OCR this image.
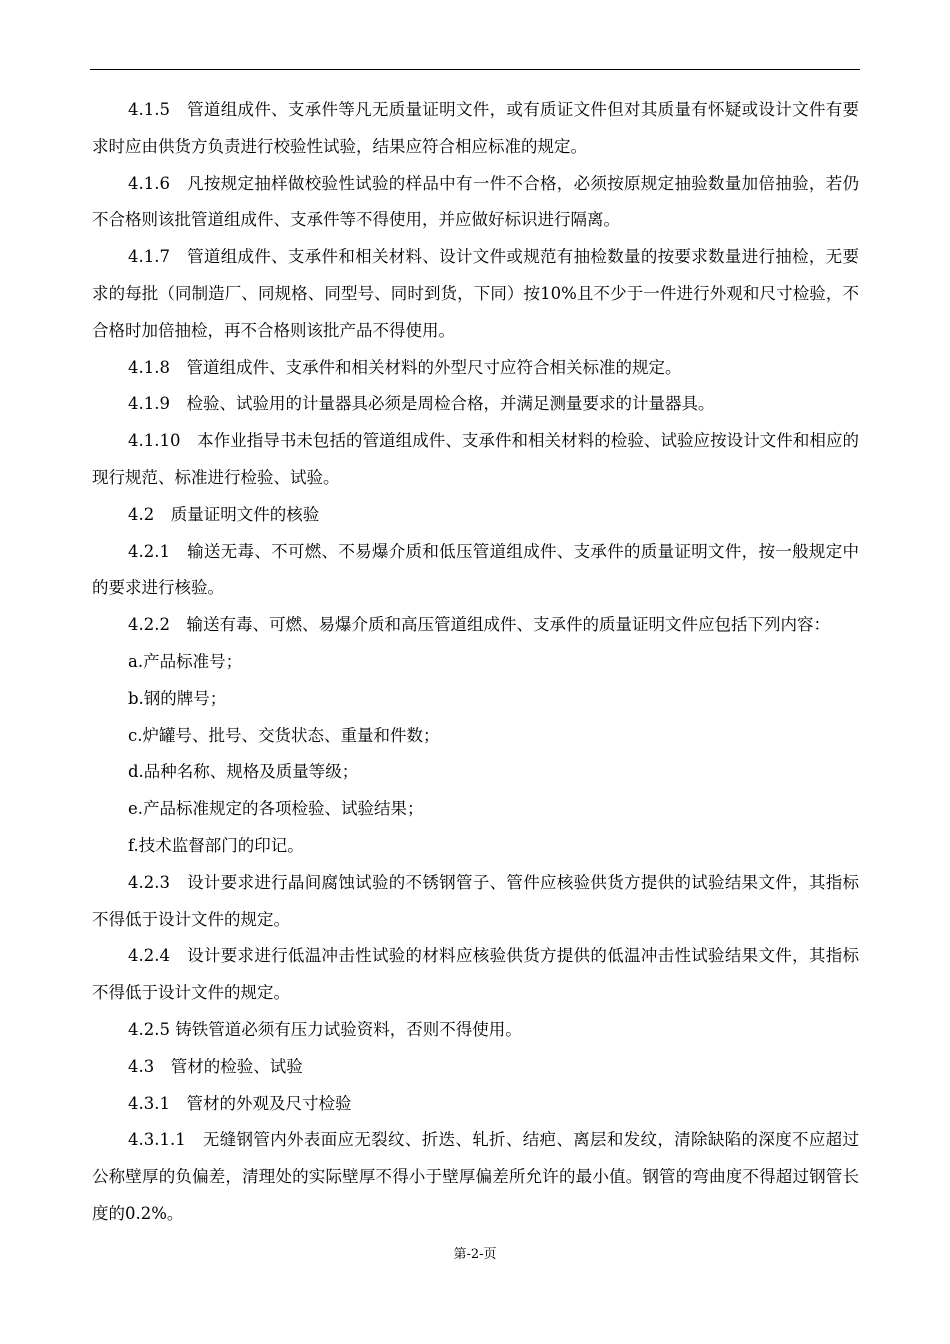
4.1.5　管道组成件、支承件等凡无质量证明文件，或有质证文件但对其质量有怀疑或设计文件有要求时应由供货方负责进行校验性试验，结果应符合相应标准的规定。

4.1.6　凡按规定抽样做校验性试验的样品中有一件不合格，必须按原规定抽验数量加倍抽验，若仍不合格则该批管道组成件、支承件等不得使用，并应做好标识进行隔离。

4.1.7　管道组成件、支承件和相关材料、设计文件或规范有抽检数量的按要求数量进行抽检，无要求的每批（同制造厂、同规格、同型号、同时到货，下同）按10%且不少于一件进行外观和尺寸检验，不合格时加倍抽检，再不合格则该批产品不得使用。

4.1.8　管道组成件、支承件和相关材料的外型尺寸应符合相关标准的规定。

4.1.9　检验、试验用的计量器具必须是周检合格，并满足测量要求的计量器具。

4.1.10　本作业指导书未包括的管道组成件、支承件和相关材料的检验、试验应按设计文件和相应的现行规范、标准进行检验、试验。

4.2　质量证明文件的核验

4.2.1　输送无毒、不可燃、不易爆介质和低压管道组成件、支承件的质量证明文件，按一般规定中的要求进行核验。

4.2.2　输送有毒、可燃、易爆介质和高压管道组成件、支承件的质量证明文件应包括下列内容：

a.产品标准号；

b.钢的牌号；

c.炉罐号、批号、交货状态、重量和件数；

d.品种名称、规格及质量等级；

e.产品标准规定的各项检验、试验结果；

f.技术监督部门的印记。

4.2.3　设计要求进行晶间腐蚀试验的不锈钢管子、管件应核验供货方提供的试验结果文件，其指标不得低于设计文件的规定。

4.2.4　设计要求进行低温冲击性试验的材料应核验供货方提供的低温冲击性试验结果文件，其指标不得低于设计文件的规定。

4.2.5 铸铁管道必须有压力试验资料，否则不得使用。

4.3　管材的检验、试验

4.3.1　管材的外观及尺寸检验

4.3.1.1　无缝钢管内外表面应无裂纹、折迭、轧折、结疤、离层和发纹，清除缺陷的深度不应超过公称壁厚的负偏差，清理处的实际壁厚不得小于壁厚偏差所允许的最小值。钢管的弯曲度不得超过钢管长度的0.2%。

第-2-页
